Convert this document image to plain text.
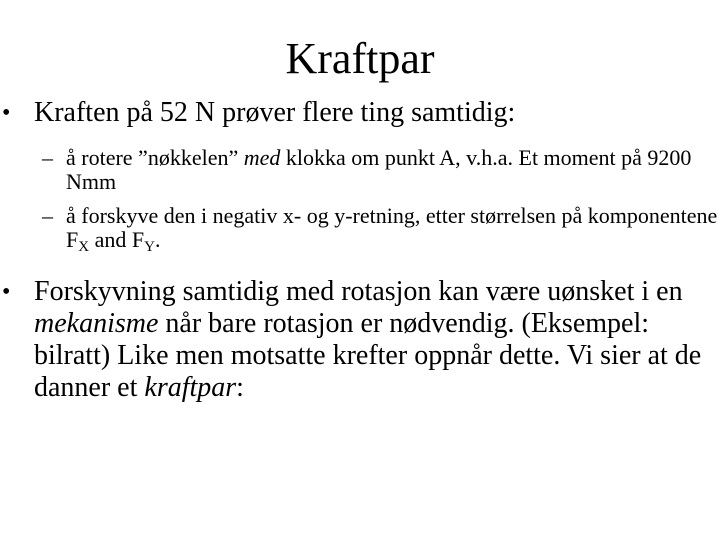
Kraftpar

• Kraften på 52 N prøver flere ting samtidig:

– å rotere ”nøkkelen” med klokka om punkt A, v.h.a. Et moment på 9200 Nmm

– å forskyve den i negativ x- og y-retning, etter størrelsen på komponentene $F_X$ and $F_Y$.

• Forskyvning samtidig med rotasjon kan være uønsket i en mekanisme når bare rotasjon er nødvendig. (Eksempel: bilratt) Like men motsatte krefter oppnår dette. Vi sier at de danner et kraftpar:
